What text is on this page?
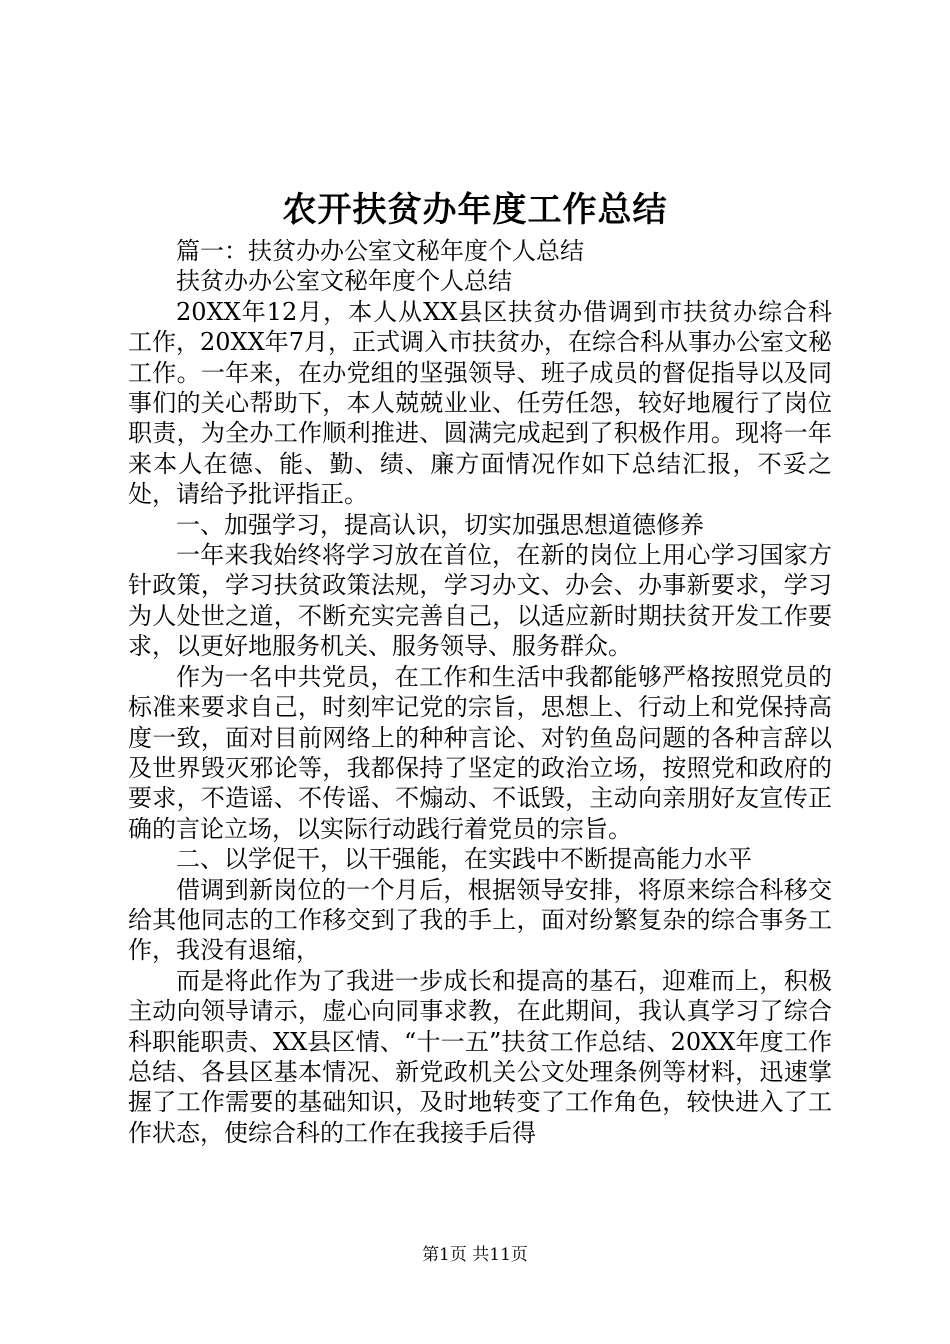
农开扶贫办年度工作总结

篇一：扶贫办办公室文秘年度个人总结

扶贫办办公室文秘年度个人总结

20XX年12月，本人从XX县区扶贫办借调到市扶贫办综合科工作，20XX年7月，正式调入市扶贫办，在综合科从事办公室文秘工作。一年来，在办党组的坚强领导、班子成员的督促指导以及同事们的关心帮助下，本人兢兢业业、任劳任怨，较好地履行了岗位职责，为全办工作顺利推进、圆满完成起到了积极作用。现将一年来本人在德、能、勤、绩、廉方面情况作如下总结汇报，不妥之处，请给予批评指正。

一、加强学习，提高认识，切实加强思想道德修养

一年来我始终将学习放在首位，在新的岗位上用心学习国家方针政策，学习扶贫政策法规，学习办文、办会、办事新要求，学习为人处世之道，不断充实完善自己，以适应新时期扶贫开发工作要求，以更好地服务机关、服务领导、服务群众。

作为一名中共党员，在工作和生活中我都能够严格按照党员的标准来要求自己，时刻牢记党的宗旨，思想上、行动上和党保持高度一致，面对目前网络上的种种言论、对钓鱼岛问题的各种言辞以及世界毁灭邪论等，我都保持了坚定的政治立场，按照党和政府的要求，不造谣、不传谣、不煽动、不诋毁，主动向亲朋好友宣传正确的言论立场，以实际行动践行着党员的宗旨。

二、以学促干，以干强能，在实践中不断提高能力水平

借调到新岗位的一个月后，根据领导安排，将原来综合科移交给其他同志的工作移交到了我的手上，面对纷繁复杂的综合事务工作，我没有退缩，

而是将此作为了我进一步成长和提高的基石，迎难而上，积极主动向领导请示，虚心向同事求教，在此期间，我认真学习了综合科职能职责、XX县区情、“十一五”扶贫工作总结、20XX年度工作总结、各县区基本情况、新党政机关公文处理条例等材料，迅速掌握了工作需要的基础知识，及时地转变了工作角色，较快进入了工作状态，使综合科的工作在我接手后得

第1页 共11页
